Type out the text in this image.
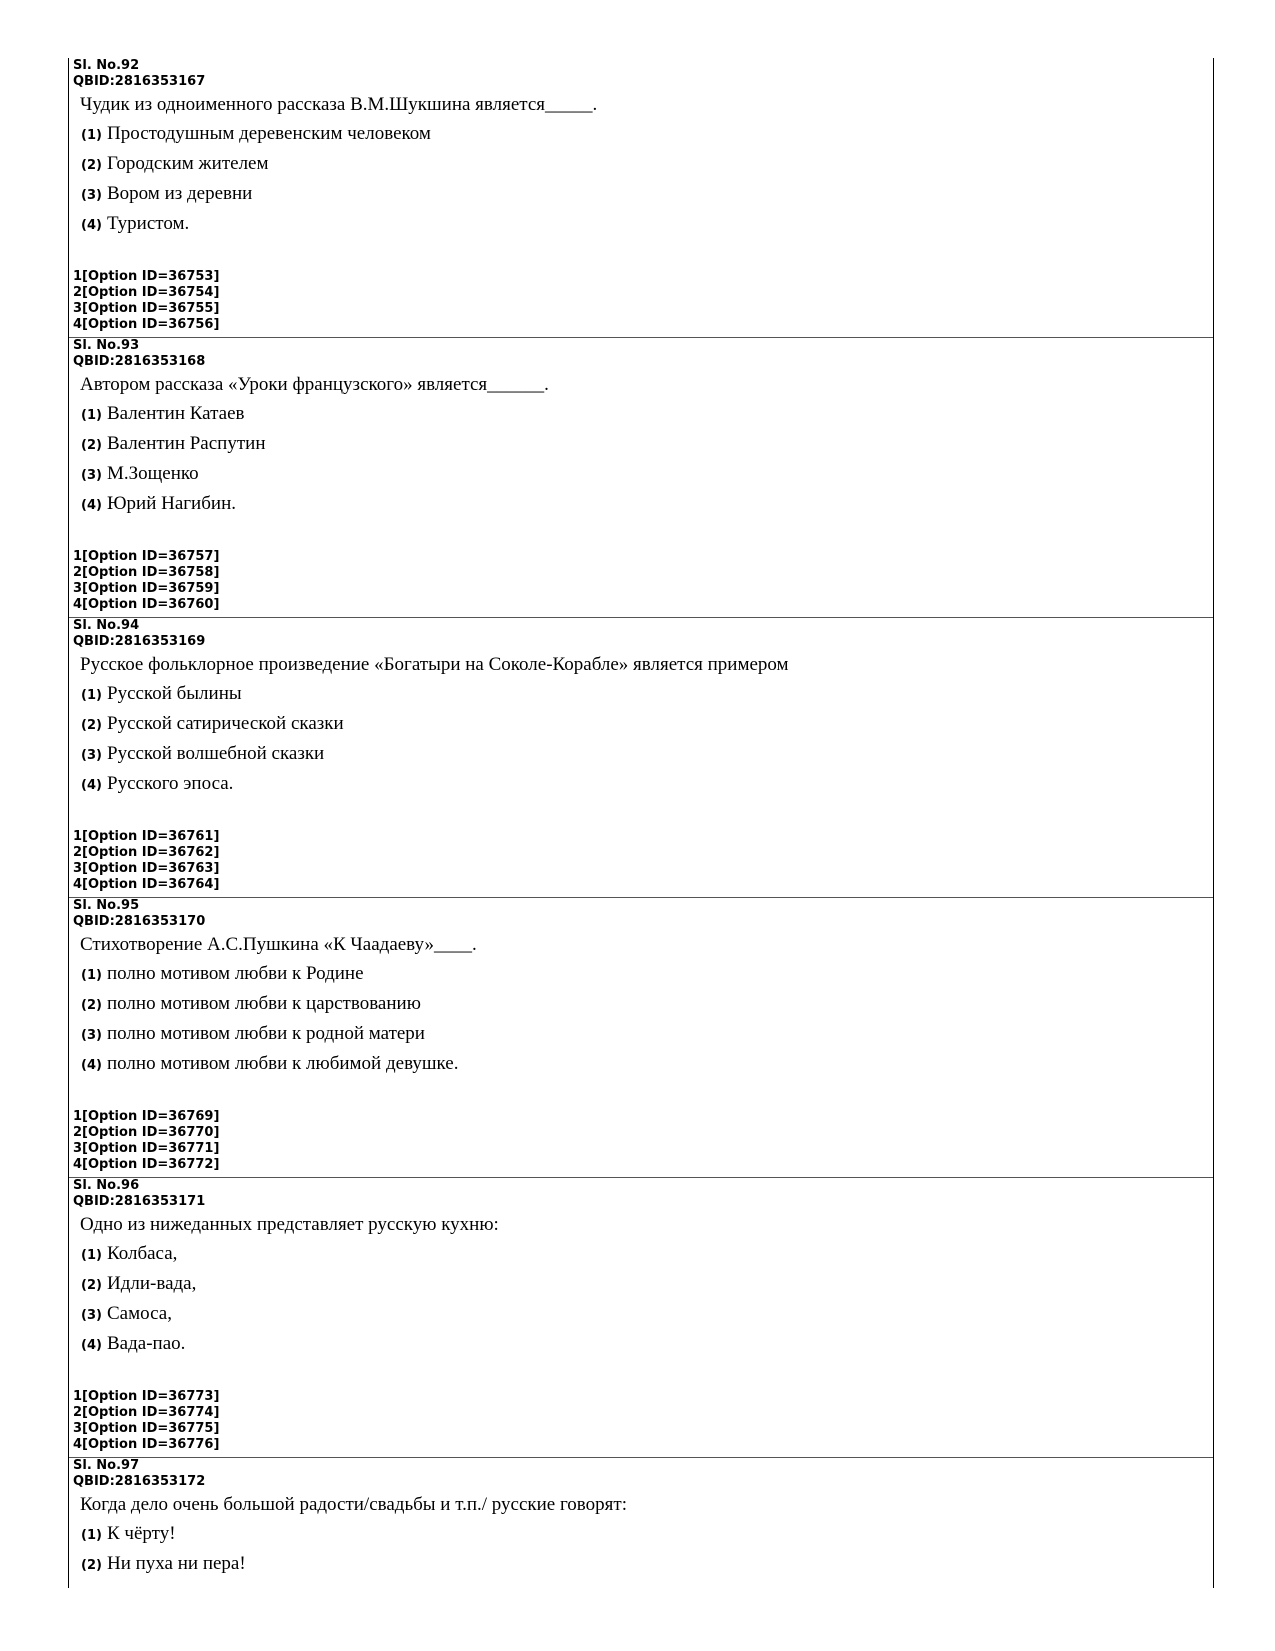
Sl. No.92
QBID:2816353167
Чудик из одноименного рассказа В.М.Шукшина является_____.
(1) Простодушным деревенским человеком
(2) Городским жителем
(3) Вором из деревни
(4) Туристом.
1[Option ID=36753]
2[Option ID=36754]
3[Option ID=36755]
4[Option ID=36756]
Sl. No.93
QBID:2816353168
Автором рассказа «Уроки французского» является______.
(1) Валентин Катаев
(2) Валентин Распутин
(3) М.Зощенко
(4) Юрий Нагибин.
1[Option ID=36757]
2[Option ID=36758]
3[Option ID=36759]
4[Option ID=36760]
Sl. No.94
QBID:2816353169
Русское фольклорное произведение «Богатыри на Соколе-Корабле» является примером
(1) Русской былины
(2) Русской сатирической сказки
(3) Русской волшебной сказки
(4) Русского эпоса.
1[Option ID=36761]
2[Option ID=36762]
3[Option ID=36763]
4[Option ID=36764]
Sl. No.95
QBID:2816353170
Стихотворение А.С.Пушкина «К Чаадаеву»____.
(1) полно мотивом любви к Родине
(2) полно мотивом любви к царствованию
(3) полно мотивом любви к родной матери
(4) полно мотивом любви к любимой девушке.
1[Option ID=36769]
2[Option ID=36770]
3[Option ID=36771]
4[Option ID=36772]
Sl. No.96
QBID:2816353171
Одно из нижеданных представляет русскую кухню:
(1) Колбаса,
(2) Идли-вада,
(3) Самоса,
(4) Вада-пао.
1[Option ID=36773]
2[Option ID=36774]
3[Option ID=36775]
4[Option ID=36776]
Sl. No.97
QBID:2816353172
Когда дело очень большой радости/свадьбы и т.п./ русские говорят:
(1) К чёрту!
(2) Ни пуха ни пера!
